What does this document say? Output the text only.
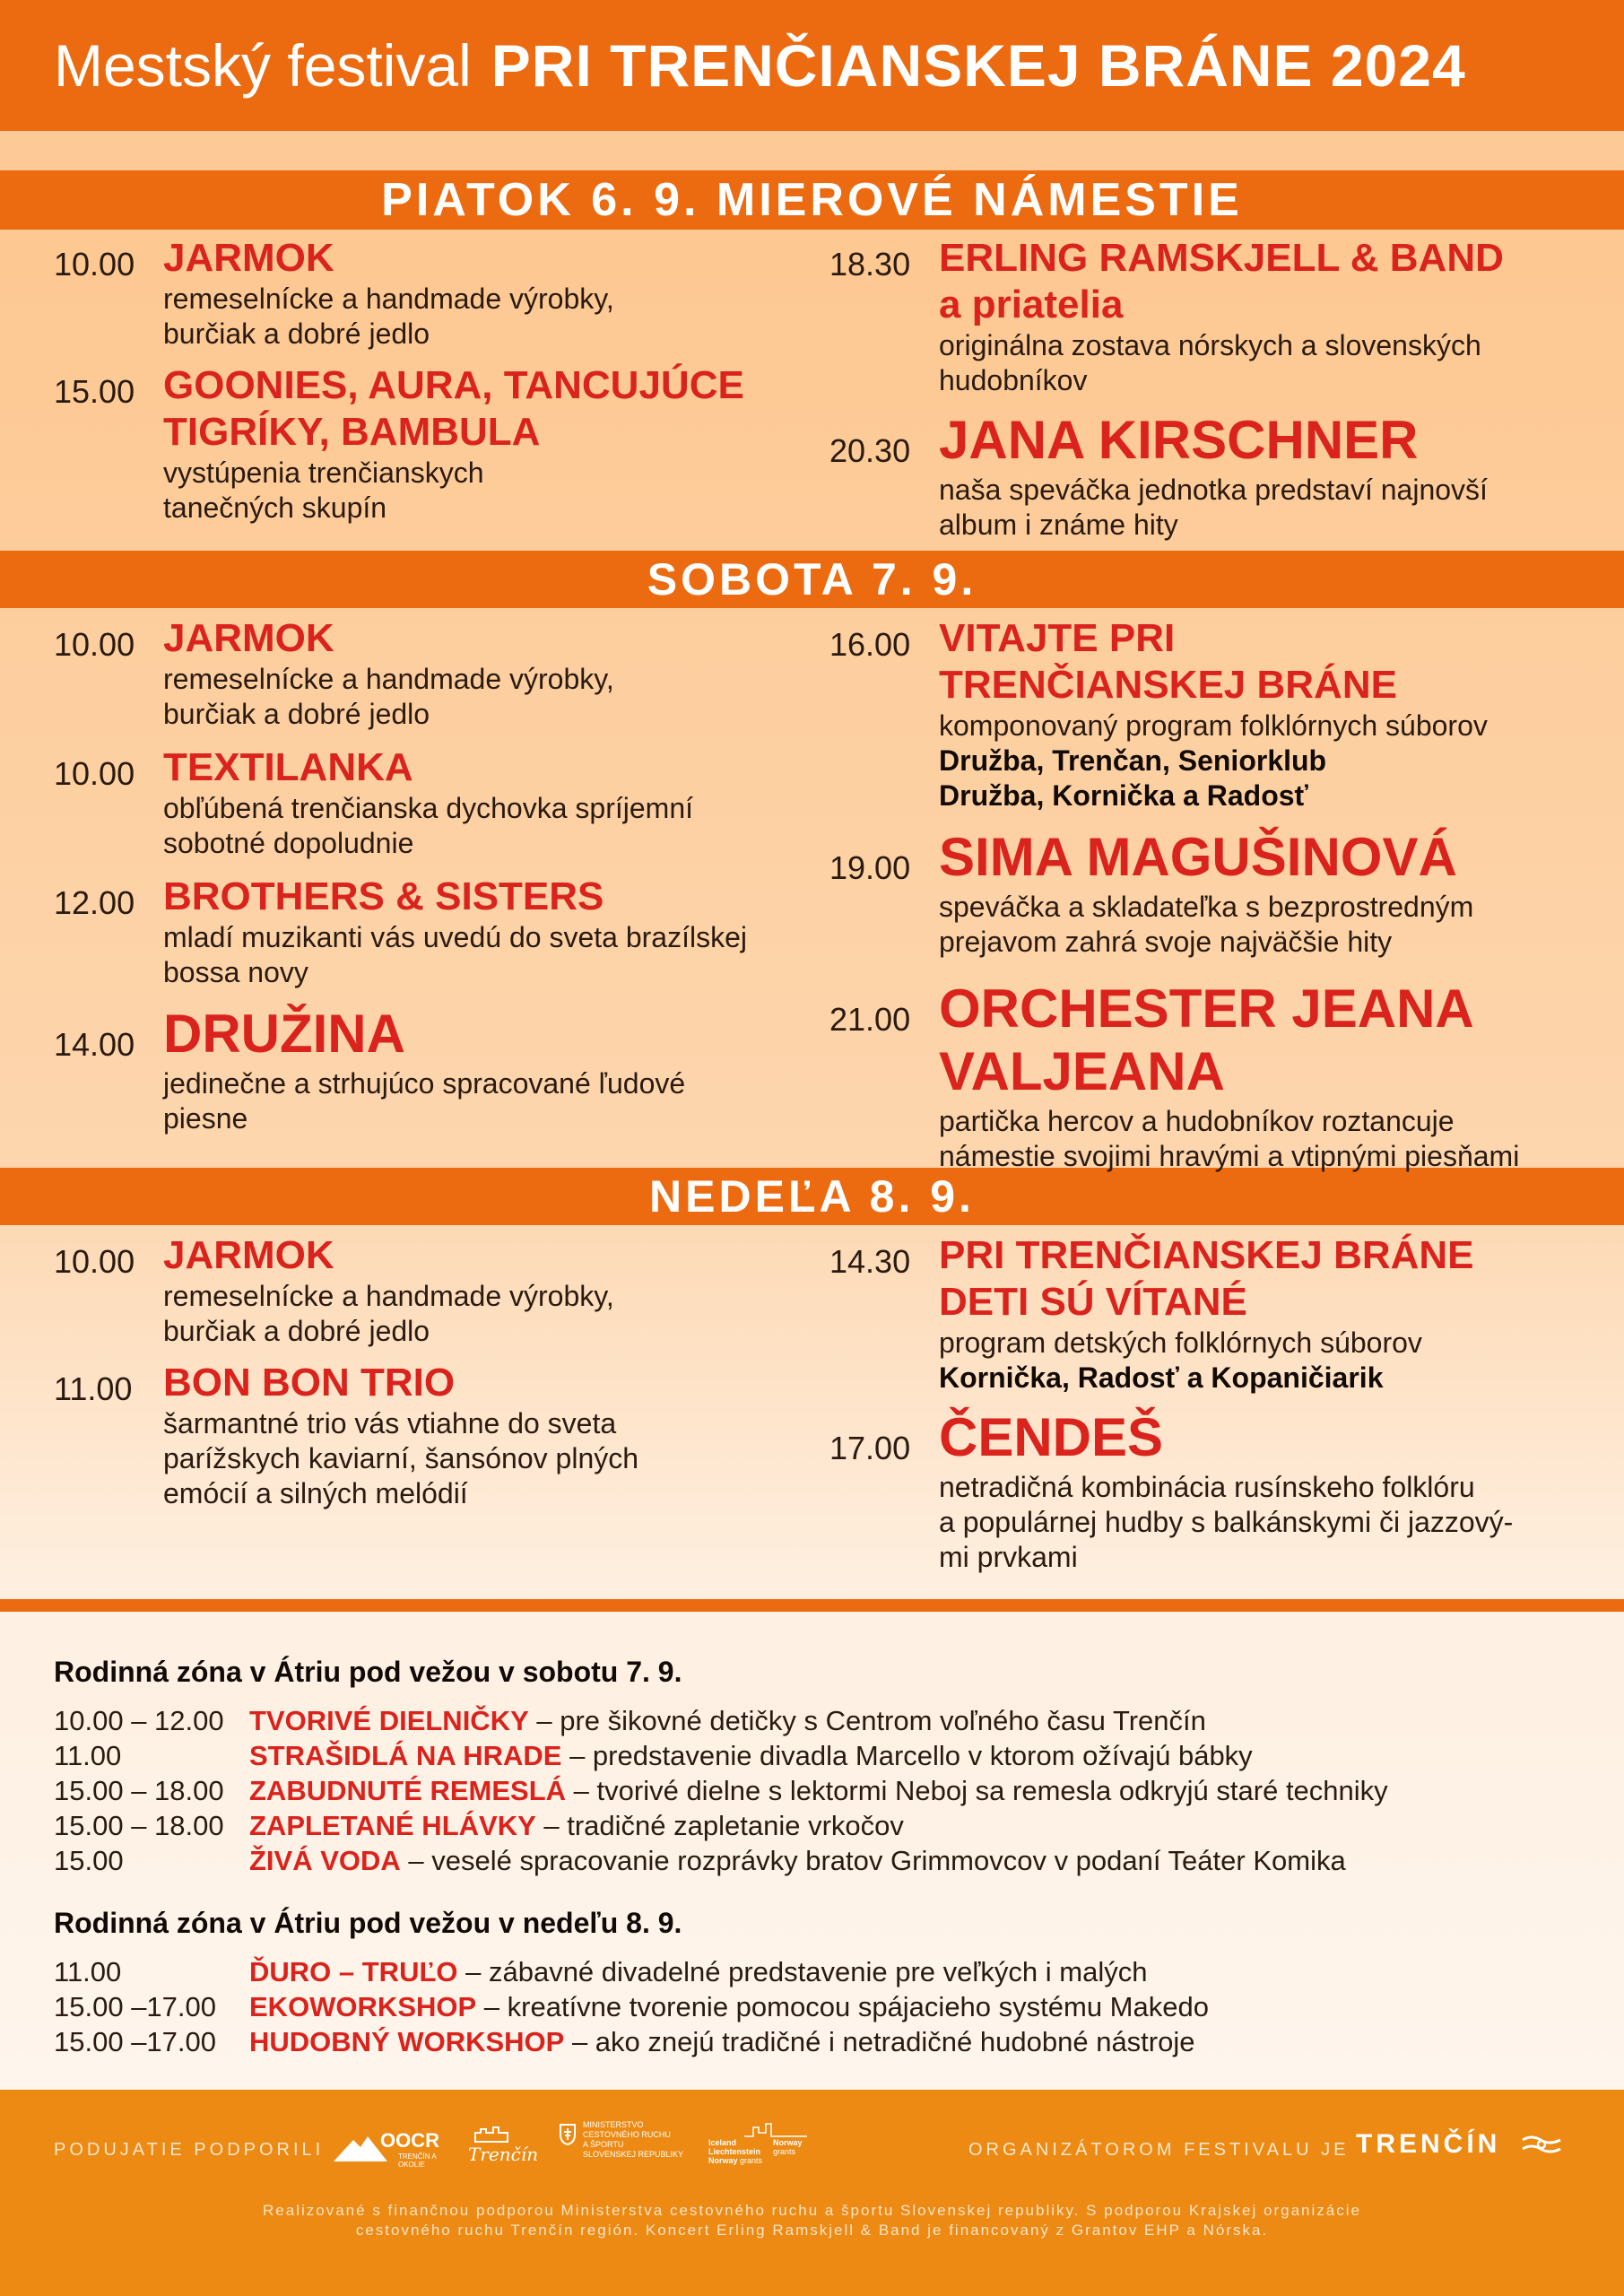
Mestský festival PRI TRENČIANSKEJ BRÁNE 2024
PIATOK 6. 9. MIEROVÉ NÁMESTIE
SOBOTA 7. 9.
NEDEĽA 8. 9.
10.00 JARMOK
remeselnícke a handmade výrobky,
burčiak a dobré jedlo
15.00 GOONIES, AURA, TANCUJÚCE
TIGRÍKY, BAMBULA
vystúpenia trenčianskych
tanečných skupín
18.30 ERLING RAMSKJELL & BAND
a priatelia
originálna zostava nórskych a slovenských
hudobníkov
20.30 JANA KIRSCHNER
naša speváčka jednotka predstaví najnovší
album i známe hity
10.00 JARMOK
remeselnícke a handmade výrobky,
burčiak a dobré jedlo
10.00 TEXTILANKA
obľúbená trenčianska dychovka spríjemní
sobotné dopoludnie
12.00 BROTHERS & SISTERS
mladí muzikanti vás uvedú do sveta brazílskej
bossa novy
14.00 DRUŽINA
jedinečne a strhujúco spracované ľudové
piesne
16.00 VITAJTE PRI
TRENČIANSKEJ BRÁNE
komponovaný program folklórnych súborov
Družba, Trenčan, Seniorklub
Družba, Kornička a Radosť
19.00 SIMA MAGUŠINOVÁ
speváčka a skladateľka s bezprostredným
prejavom zahrá svoje najväčšie hity
21.00 ORCHESTER JEANA
VALJEANA
partička hercov a hudobníkov roztancuje
námestie svojimi hravými a vtipnými piesňami
10.00 JARMOK
remeselnícke a handmade výrobky,
burčiak a dobré jedlo
11.00 BON BON TRIO
šarmantné trio vás vtiahne do sveta
parížskych kaviarní, šansónov plných
emócií a silných melódií
14.30 PRI TRENČIANSKEJ BRÁNE
DETI SÚ VÍTANÉ
program detských folklórnych súborov
Kornička, Radosť a Kopaničiarik
17.00 ČENDEŠ
netradičná kombinácia rusínskeho folklóru
a populárnej hudby s balkánskymi či jazzový-
mi prvkami
Rodinná zóna v Átriu pod vežou v sobotu 7. 9.
10.00 – 12.00 TVORIVÉ DIELNIČKY – pre šikovné detičky s Centrom voľného času Trenčín
11.00	STRAŠIDLÁ NA HRADE – predstavenie divadla Marcello v ktorom ožívajú bábky
15.00 – 18.00 ZABUDNUTÉ REMESLÁ – tvorivé dielne s lektormi Neboj sa remesla odkryjú staré techniky
15.00 – 18.00 ZAPLETANÉ HLÁVKY – tradičné zapletanie vrkočov
15.00	ŽIVÁ VODA – veselé spracovanie rozprávky bratov Grimmovcov v podaní Teáter Komika
Rodinná zóna v Átriu pod vežou v nedeľu 8. 9.
11.00	ĎURO – TRUĽO – zábavné divadelné predstavenie pre veľkých i malých
15.00 –17.00	EKOWORKSHOP – kreatívne tvorenie pomocou spájacieho systému Makedo
15.00 –17.00	HUDOBNÝ WORKSHOP – ako znejú tradičné i netradičné hudobné nástroje
PODUJATIE PODPORILI	OOCR
TRENČÍN A OKOLIE	Trenčín
MINISTERSTVO
CESTOVNÉHO RUCHU
A ŠPORTU
SLOVENSKEJ REPUBLIKY
Iceland
Liechtenstein
Norway grants
Norway
grants	ORGANIZÁTOROM FESTIVALU JE TRENČÍN
Realizované s finančnou podporou Ministerstva cestovného ruchu a športu Slovenskej republiky. S podporou Krajskej organizácie
cestovného ruchu Trenčín región. Koncert Erling Ramskjell & Band je financovaný z Grantov EHP a Nórska.
